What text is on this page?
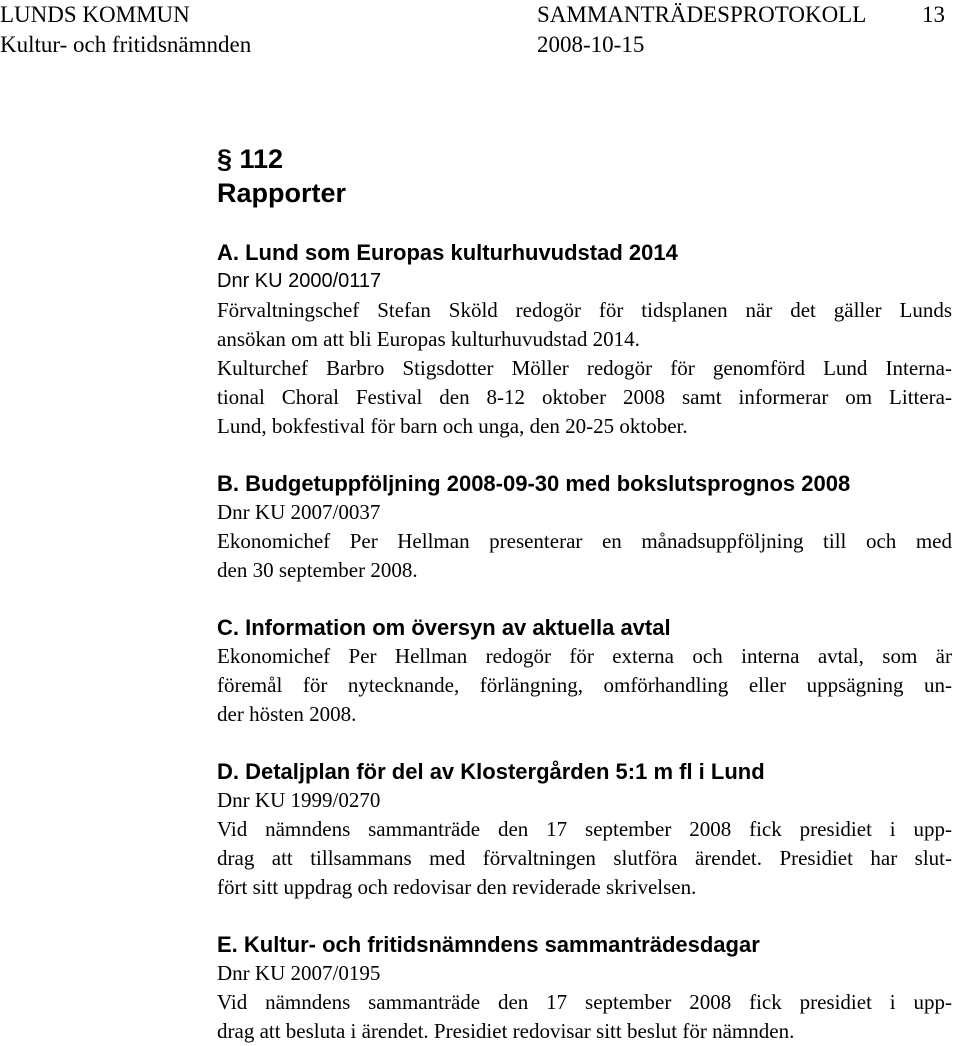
LUNDS KOMMUN	SAMMANTRÄDESPROTOKOLL 13
Kultur- och fritidsnämnden	2008-10-15
§ 112
Rapporter
A. Lund som Europas kulturhuvudstad 2014

Dnr KU 2000/0117

Förvaltningschef Stefan Sköld redogör för tidsplanen när det gäller Lunds

ansökan om att bli Europas kulturhuvudstad 2014.

Kulturchef Barbro Stigsdotter Möller redogör för genomförd Lund Interna-

tional Choral Festival den 8-12 oktober 2008 samt informerar om Littera-

Lund, bokfestival för barn och unga, den 20-25 oktober.

B. Budgetuppföljning 2008-09-30 med bokslutsprognos 2008

Dnr KU 2007/0037

Ekonomichef Per Hellman presenterar en månadsuppföljning till och med

den 30 september 2008.

C. Information om översyn av aktuella avtal

Ekonomichef Per Hellman redogör för externa och interna avtal, som är

föremål för nytecknande, förlängning, omförhandling eller uppsägning un-

der hösten 2008.

D. Detaljplan för del av Klostergården 5:1 m fl i Lund

Dnr KU 1999/0270

Vid nämndens sammanträde den 17 september 2008 fick presidiet i upp-

drag att tillsammans med förvaltningen slutföra ärendet. Presidiet har slut-

fört sitt uppdrag och redovisar den reviderade skrivelsen.

E. Kultur- och fritidsnämndens sammanträdesdagar

Dnr KU 2007/0195

Vid nämndens sammanträde den 17 september 2008 fick presidiet i upp-

drag att besluta i ärendet. Presidiet redovisar sitt beslut för nämnden.
